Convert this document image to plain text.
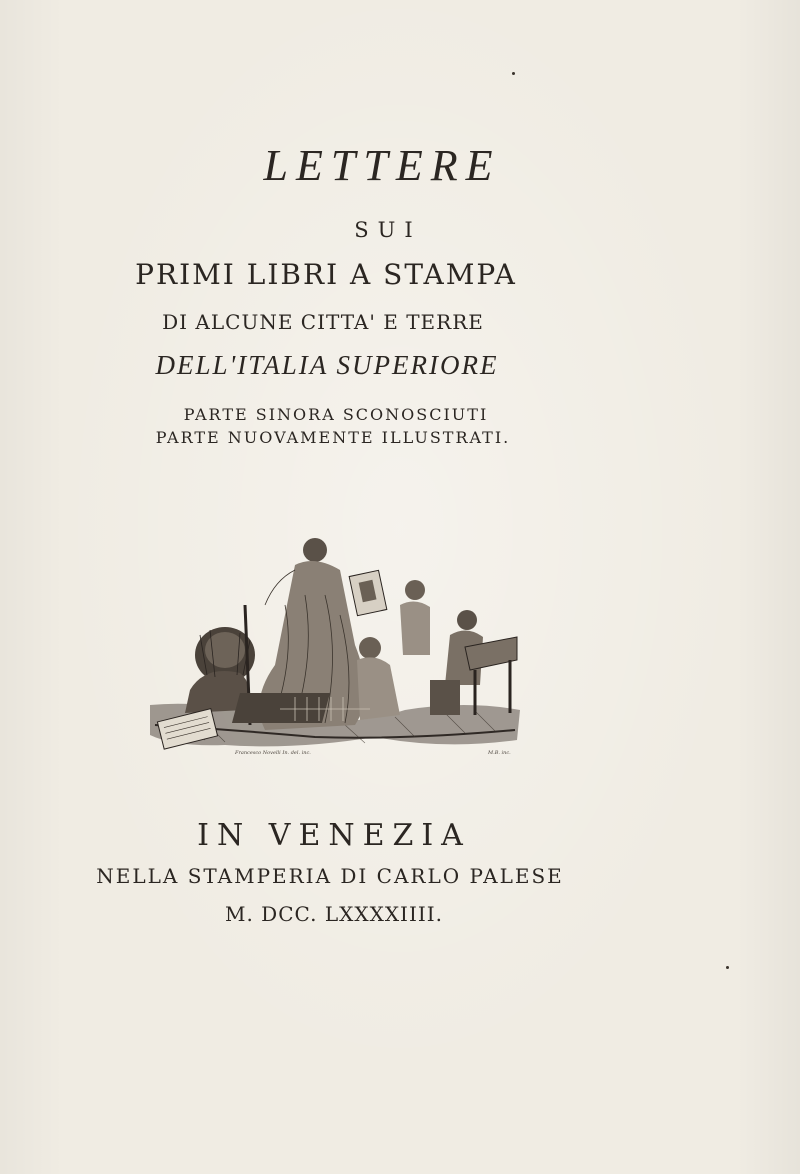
LETTERE
SUI
PRIMI LIBRI A STAMPA
DI ALCUNE CITTA' E TERRE
DELL'ITALIA SUPERIORE
PARTE SINORA SCONOSCIUTI
PARTE NUOVAMENTE ILLUSTRATI.
Francesco Novelli In. del. inc.	M.B. inc.
IN VENEZIA
NELLA STAMPERIA DI CARLO PALESE
M. DCC. LXXXXIIII.
